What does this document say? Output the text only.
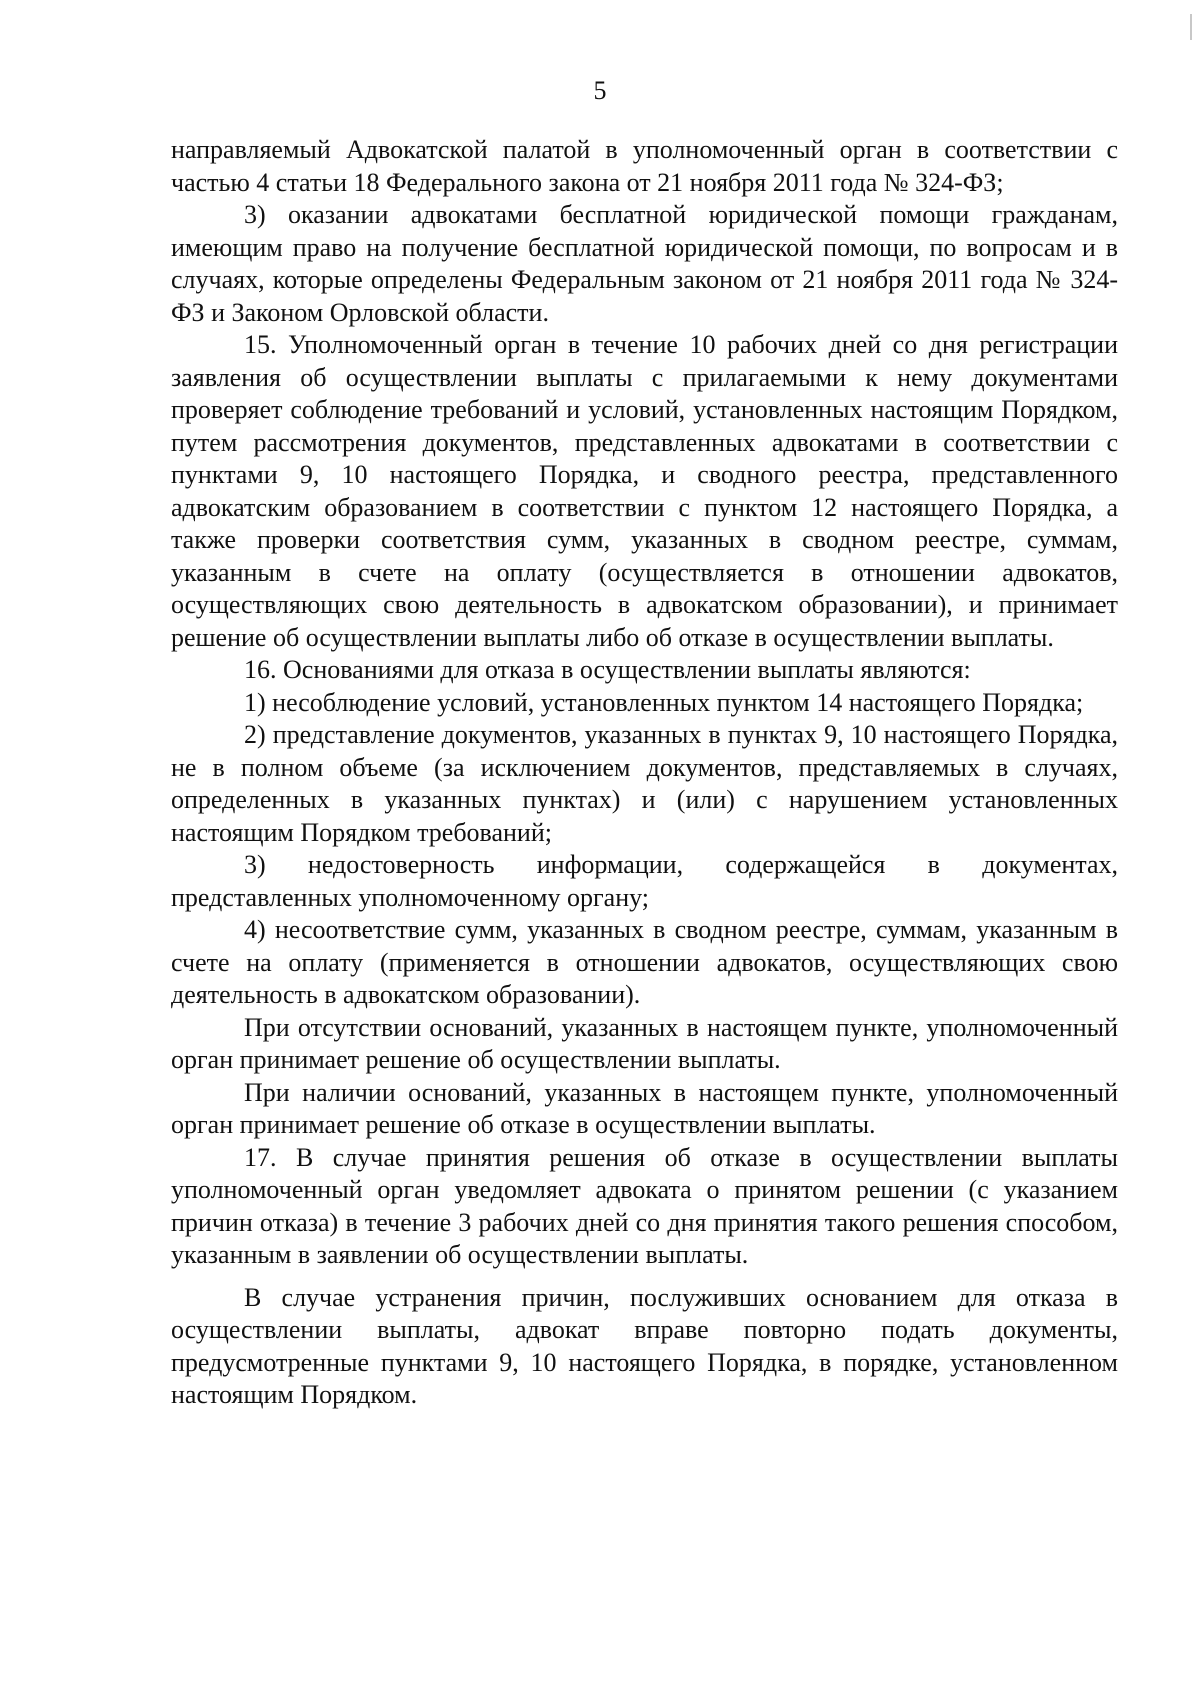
5

направляемый Адвокатской палатой в уполномоченный орган в соответствии с частью 4 статьи 18 Федерального закона от 21 ноября 2011 года № 324-ФЗ;

3) оказании адвокатами бесплатной юридической помощи гражданам, имеющим право на получение бесплатной юридической помощи, по вопросам и в случаях, которые определены Федеральным законом от 21 ноября 2011 года № 324-ФЗ и Законом Орловской области.

15. Уполномоченный орган в течение 10 рабочих дней со дня регистрации заявления об осуществлении выплаты с прилагаемыми к нему документами проверяет соблюдение требований и условий, установленных настоящим Порядком, путем рассмотрения документов, представленных адвокатами в соответствии с пунктами 9, 10 настоящего Порядка, и сводного реестра, представленного адвокатским образованием в соответствии с пунктом 12 настоящего Порядка, а также проверки соответствия сумм, указанных в сводном реестре, суммам, указанным в счете на оплату (осуществляется в отношении адвокатов, осуществляющих свою деятельность в адвокатском образовании), и принимает решение об осуществлении выплаты либо об отказе в осуществлении выплаты.

16. Основаниями для отказа в осуществлении выплаты являются:

1) несоблюдение условий, установленных пунктом 14 настоящего Порядка;

2) представление документов, указанных в пунктах 9, 10 настоящего Порядка, не в полном объеме (за исключением документов, представляемых в случаях, определенных в указанных пунктах) и (или) с нарушением установленных настоящим Порядком требований;

3) недостоверность информации, содержащейся в документах, представленных уполномоченному органу;

4) несоответствие сумм, указанных в сводном реестре, суммам, указанным в счете на оплату (применяется в отношении адвокатов, осуществляющих свою деятельность в адвокатском образовании).

При отсутствии оснований, указанных в настоящем пункте, уполномоченный орган принимает решение об осуществлении выплаты.

При наличии оснований, указанных в настоящем пункте, уполномоченный орган принимает решение об отказе в осуществлении выплаты.

17. В случае принятия решения об отказе в осуществлении выплаты уполномоченный орган уведомляет адвоката о принятом решении (с указанием причин отказа) в течение 3 рабочих дней со дня принятия такого решения способом, указанным в заявлении об осуществлении выплаты.

В случае устранения причин, послуживших основанием для отказа в осуществлении выплаты, адвокат вправе повторно подать документы, предусмотренные пунктами 9, 10 настоящего Порядка, в порядке, установленном настоящим Порядком.
